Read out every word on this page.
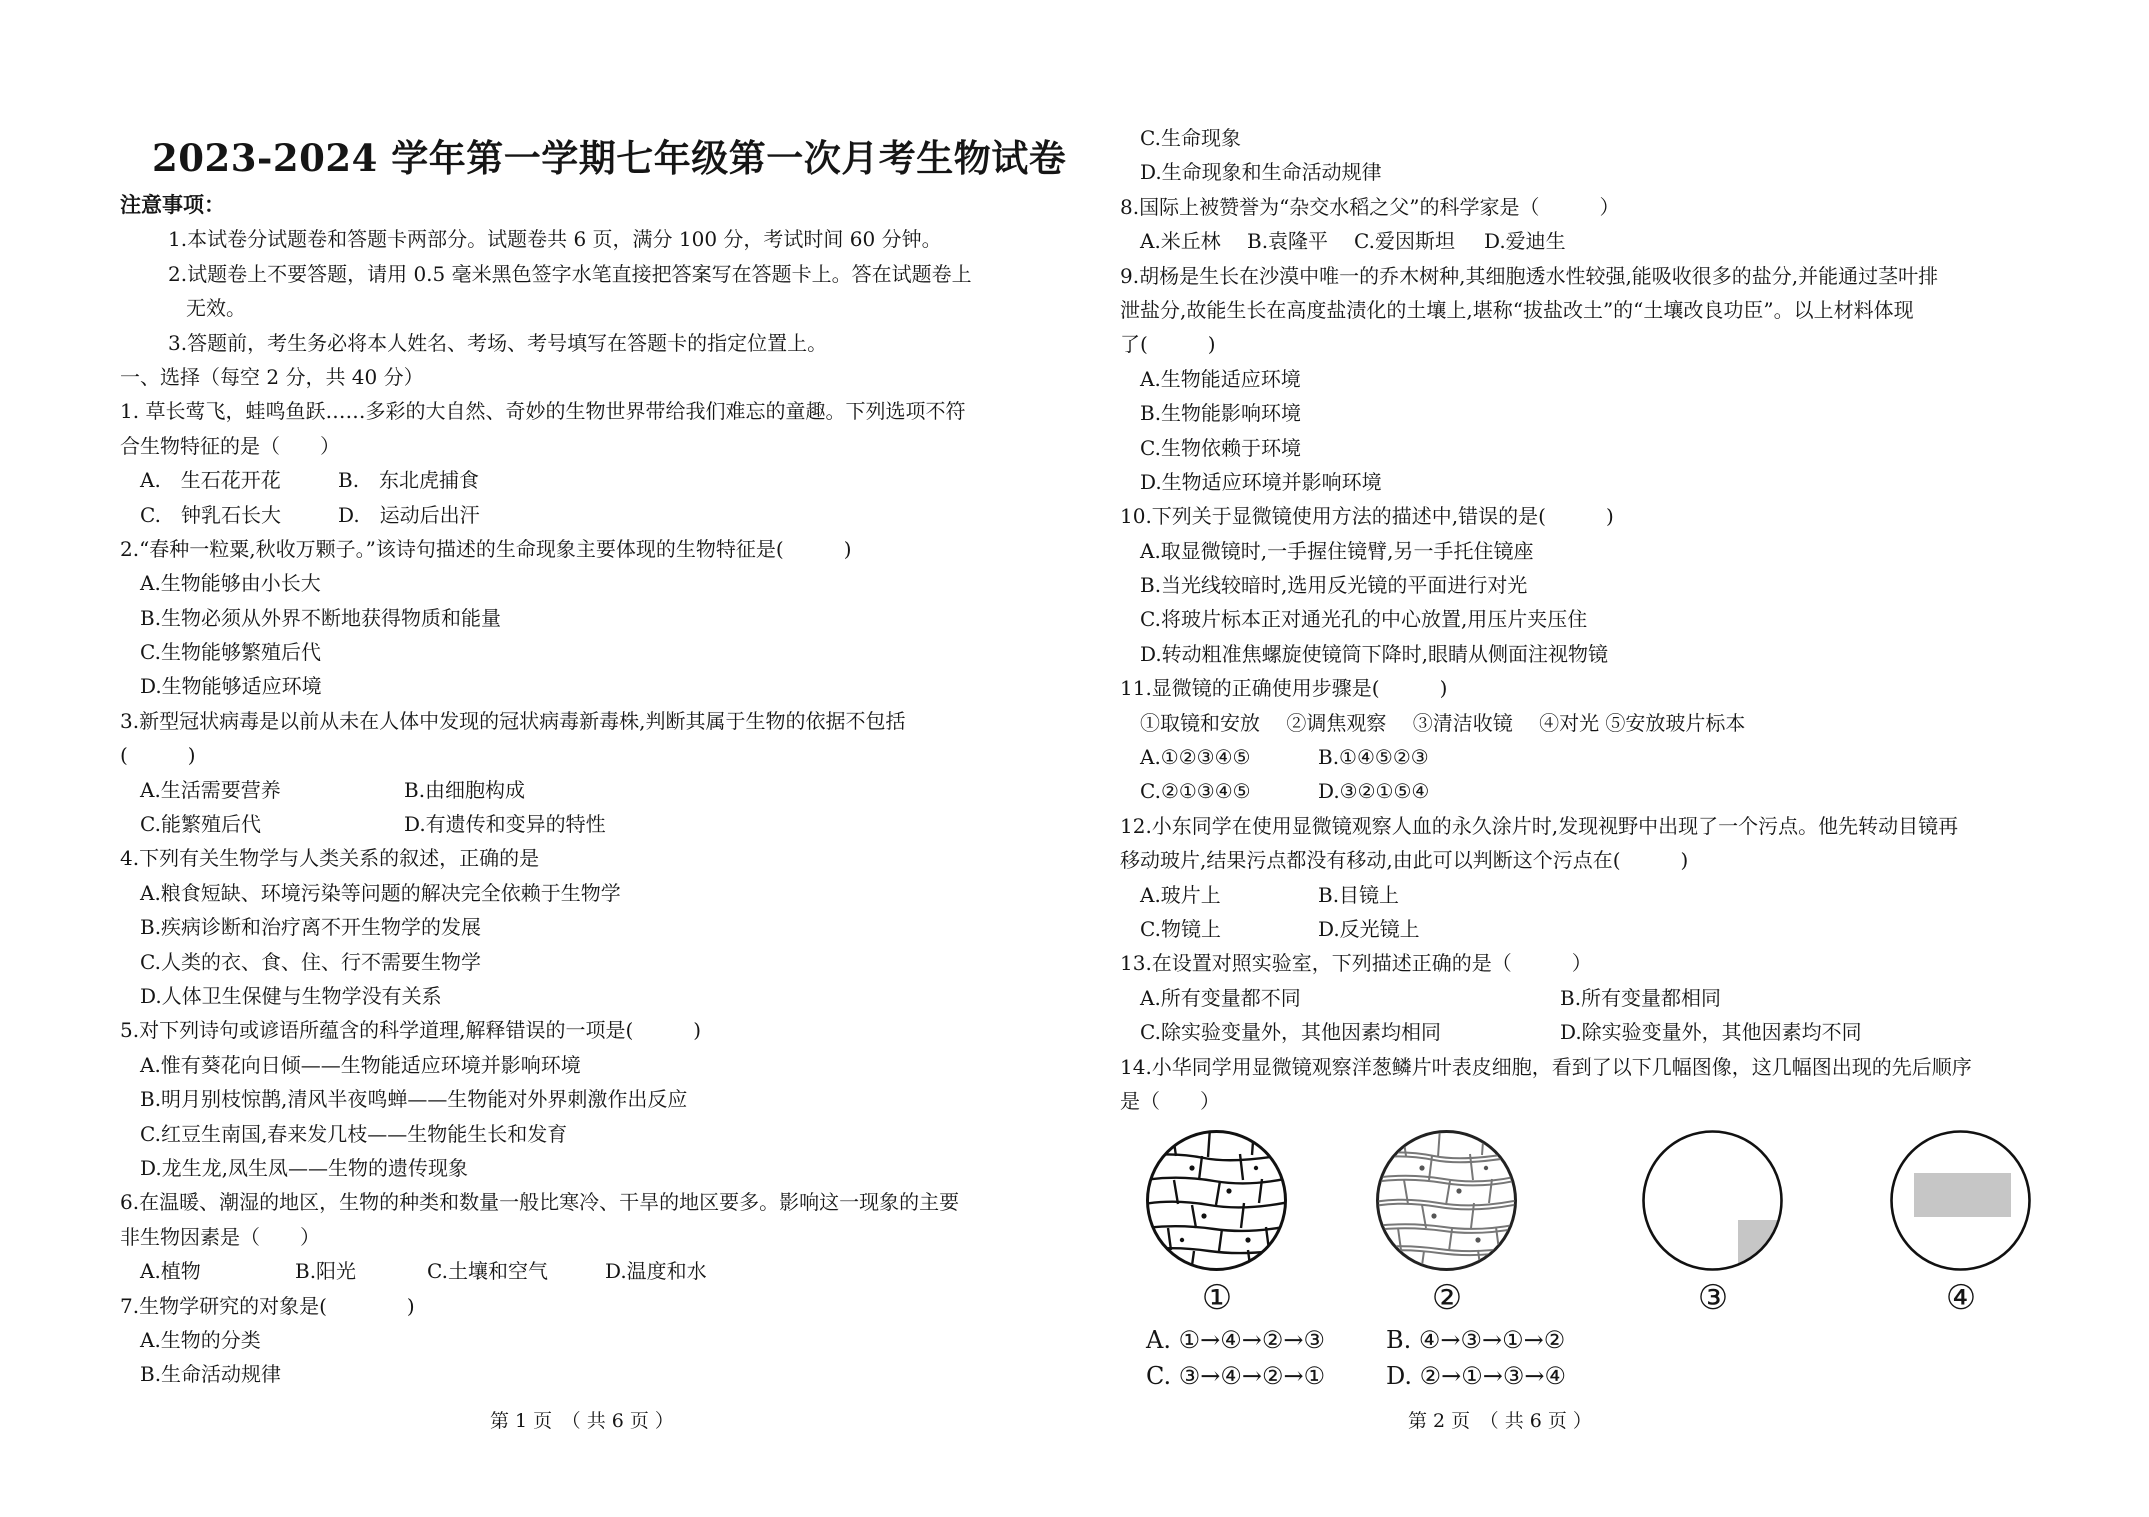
2023-2024 学年第一学期七年级第一次月考生物试卷
注意事项：
1.本试卷分试题卷和答题卡两部分。试题卷共 6 页，满分 100 分，考试时间 60 分钟。
2.试题卷上不要答题，请用 0.5 毫米黑色签字水笔直接把答案写在答题卡上。答在试题卷上
无效。
3.答题前，考生务必将本人姓名、考场、考号填写在答题卡的指定位置上。
一、选择（每空 2 分，共 40 分）
1. 草长莺飞，蛙鸣鱼跃……多彩的大自然、奇妙的生物世界带给我们难忘的童趣。下列选项不符
合生物特征的是（　　）
A.　生石花开花	B.　东北虎捕食
C.　钟乳石长大	D.　运动后出汗
2.“春种一粒粟,秋收万颗子。”该诗句描述的生命现象主要体现的生物特征是(　　　)
A.生物能够由小长大
B.生物必须从外界不断地获得物质和能量
C.生物能够繁殖后代
D.生物能够适应环境
3.新型冠状病毒是以前从未在人体中发现的冠状病毒新毒株,判断其属于生物的依据不包括
(　　　)
A.生活需要营养	B.由细胞构成
C.能繁殖后代	D.有遗传和变异的特性
4.下列有关生物学与人类关系的叙述，正确的是
A.粮食短缺、环境污染等问题的解决完全依赖于生物学
B.疾病诊断和治疗离不开生物学的发展
C.人类的衣、食、住、行不需要生物学
D.人体卫生保健与生物学没有关系
5.对下列诗句或谚语所蕴含的科学道理,解释错误的一项是(　　　)
A.惟有葵花向日倾——生物能适应环境并影响环境
B.明月别枝惊鹊,清风半夜鸣蝉——生物能对外界刺激作出反应
C.红豆生南国,春来发几枝——生物能生长和发育
D.龙生龙,凤生凤——生物的遗传现象
6.在温暖、潮湿的地区，生物的种类和数量一般比寒冷、干旱的地区要多。影响这一现象的主要
非生物因素是（　　）
A.植物	B.阳光	C.土壤和空气	D.温度和水
7.生物学研究的对象是(　　　　)
A.生物的分类
B.生命活动规律
第 1 页　（ 共 6 页 ）
C.生命现象
D.生命现象和生命活动规律
8.国际上被赞誉为“杂交水稻之父”的科学家是（　　　）
A.米丘林	B.袁隆平	C.爱因斯坦	D.爱迪生
9.胡杨是生长在沙漠中唯一的乔木树种,其细胞透水性较强,能吸收很多的盐分,并能通过茎叶排
泄盐分,故能生长在高度盐渍化的土壤上,堪称“拔盐改土”的“土壤改良功臣”。以上材料体现
了(　　　)
A.生物能适应环境
B.生物能影响环境
C.生物依赖于环境
D.生物适应环境并影响环境
10.下列关于显微镜使用方法的描述中,错误的是(　　　)
A.取显微镜时,一手握住镜臂,另一手托住镜座
B.当光线较暗时,选用反光镜的平面进行对光
C.将玻片标本正对通光孔的中心放置,用压片夹压住
D.转动粗准焦螺旋使镜筒下降时,眼睛从侧面注视物镜
11.显微镜的正确使用步骤是(　　　)
①取镜和安放　 ②调焦观察　 ③清洁收镜　 ④对光 ⑤安放玻片标本
A.①②③④⑤	B.①④⑤②③
C.②①③④⑤	D.③②①⑤④
12.小东同学在使用显微镜观察人血的永久涂片时,发现视野中出现了一个污点。他先转动目镜再
移动玻片,结果污点都没有移动,由此可以判断这个污点在(　　　)
A.玻片上	B.目镜上
C.物镜上	D.反光镜上
13.在设置对照实验室，下列描述正确的是（　　　）
A.所有变量都不同	B.所有变量都相同
C.除实验变量外，其他因素均相同	D.除实验变量外，其他因素均不同
14.小华同学用显微镜观察洋葱鳞片叶表皮细胞，看到了以下几幅图像，这几幅图出现的先后顺序
是（　　）
①	②	③	④
A. ①→④→②→③	B. ④→③→①→②
C. ③→④→②→①	D. ②→①→③→④
第 2 页　（ 共 6 页 ）
